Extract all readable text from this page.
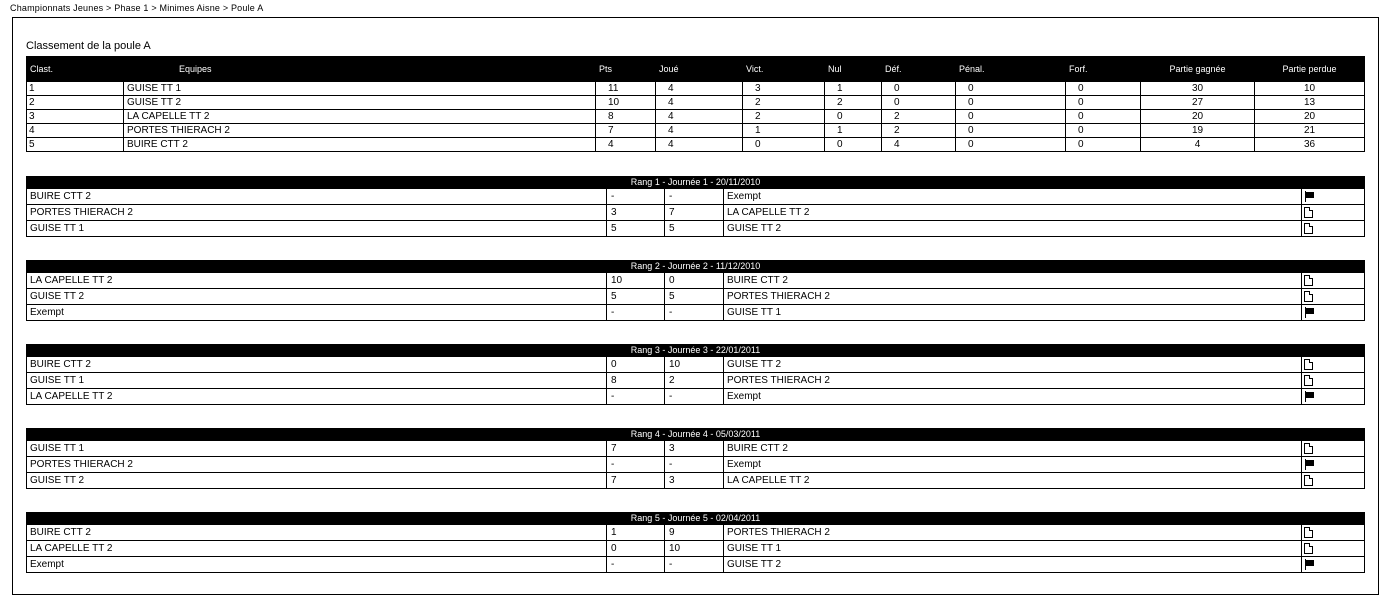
Championnats Jeunes > Phase 1 > Minimes Aisne > Poule A
Classement de la poule A
Clast.	Equipes	Pts	Joué	Vict.	Nul	Déf.	Pénal.	Forf.	Partie gagnée	Partie perdue
1	GUISE TT 1	11	4	3	1	0	0	0	30	10
2	GUISE TT 2	10	4	2	2	0	0	0	27	13
3	LA CAPELLE TT 2	8	4	2	0	2	0	0	20	20
4	PORTES THIERACH 2	7	4	1	1	2	0	0	19	21
5	BUIRE CTT 2	4	4	0	0	4	0	0	4	36
Rang 1 - Journée 1 - 20/11/2010				
BUIRE CTT 2	-	-	Exempt	
PORTES THIERACH 2	3	7	LA CAPELLE TT 2	
GUISE TT 1	5	5	GUISE TT 2	
Rang 2 - Journée 2 - 11/12/2010				
LA CAPELLE TT 2	10	0	BUIRE CTT 2	
GUISE TT 2	5	5	PORTES THIERACH 2	
Exempt	-	-	GUISE TT 1	
Rang 3 - Journée 3 - 22/01/2011				
BUIRE CTT 2	0	10	GUISE TT 2	
GUISE TT 1	8	2	PORTES THIERACH 2	
LA CAPELLE TT 2	-	-	Exempt	
Rang 4 - Journée 4 - 05/03/2011				
GUISE TT 1	7	3	BUIRE CTT 2	
PORTES THIERACH 2	-	-	Exempt	
GUISE TT 2	7	3	LA CAPELLE TT 2	
Rang 5 - Journée 5 - 02/04/2011				
BUIRE CTT 2	1	9	PORTES THIERACH 2	
LA CAPELLE TT 2	0	10	GUISE TT 1	
Exempt	-	-	GUISE TT 2	
